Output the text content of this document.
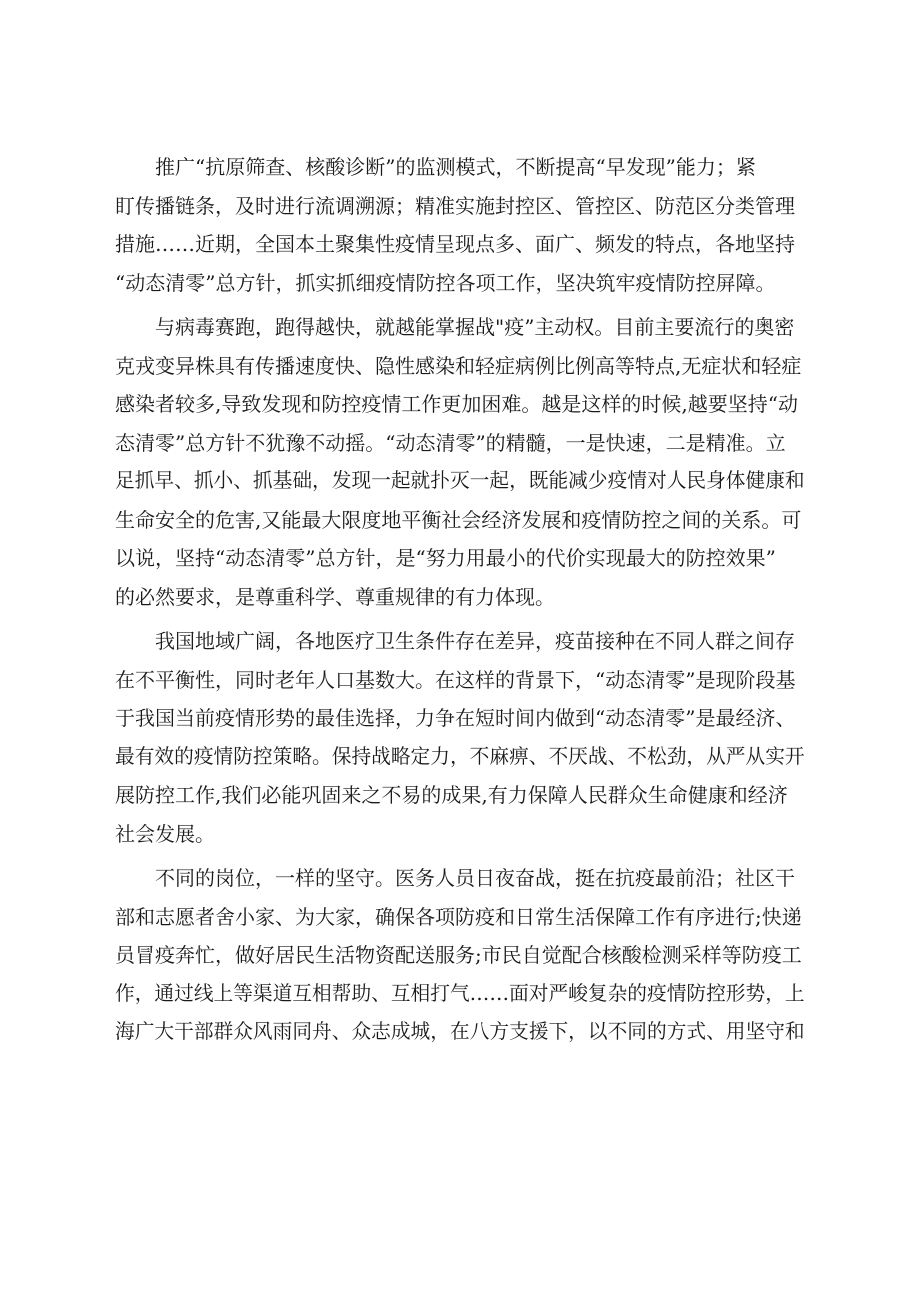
推广“抗原筛查、核酸诊断”的监测模式，不断提高“早发现”能力；紧
盯传播链条，及时进行流调溯源；精准实施封控区、管控区、防范区分类管理
措施……近期，全国本土聚集性疫情呈现点多、面广、频发的特点，各地坚持
“动态清零”总方针，抓实抓细疫情防控各项工作，坚决筑牢疫情防控屏障。
与病毒赛跑，跑得越快，就越能掌握战"疫”主动权。目前主要流行的奥密
克戎变异株具有传播速度快、隐性感染和轻症病例比例高等特点,无症状和轻症
感染者较多,导致发现和防控疫情工作更加困难。越是这样的时候,越要坚持“动
态清零”总方针不犹豫不动摇。“动态清零”的精髓，一是快速，二是精准。立
足抓早、抓小、抓基础，发现一起就扑灭一起，既能减少疫情对人民身体健康和
生命安全的危害,又能最大限度地平衡社会经济发展和疫情防控之间的关系。可
以说，坚持“动态清零”总方针，是“努力用最小的代价实现最大的防控效果”
的必然要求，是尊重科学、尊重规律的有力体现。
我国地域广阔，各地医疗卫生条件存在差异，疫苗接种在不同人群之间存
在不平衡性，同时老年人口基数大。在这样的背景下，“动态清零”是现阶段基
于我国当前疫情形势的最佳选择，力争在短时间内做到“动态清零”是最经济、
最有效的疫情防控策略。保持战略定力，不麻痹、不厌战、不松劲，从严从实开
展防控工作,我们必能巩固来之不易的成果,有力保障人民群众生命健康和经济
社会发展。
不同的岗位，一样的坚守。医务人员日夜奋战，挺在抗疫最前沿；社区干
部和志愿者舍小家、为大家，确保各项防疫和日常生活保障工作有序进行;快递
员冒疫奔忙，做好居民生活物资配送服务;市民自觉配合核酸检测采样等防疫工
作，通过线上等渠道互相帮助、互相打气……面对严峻复杂的疫情防控形势，上
海广大干部群众风雨同舟、众志成城，在八方支援下，以不同的方式、用坚守和
